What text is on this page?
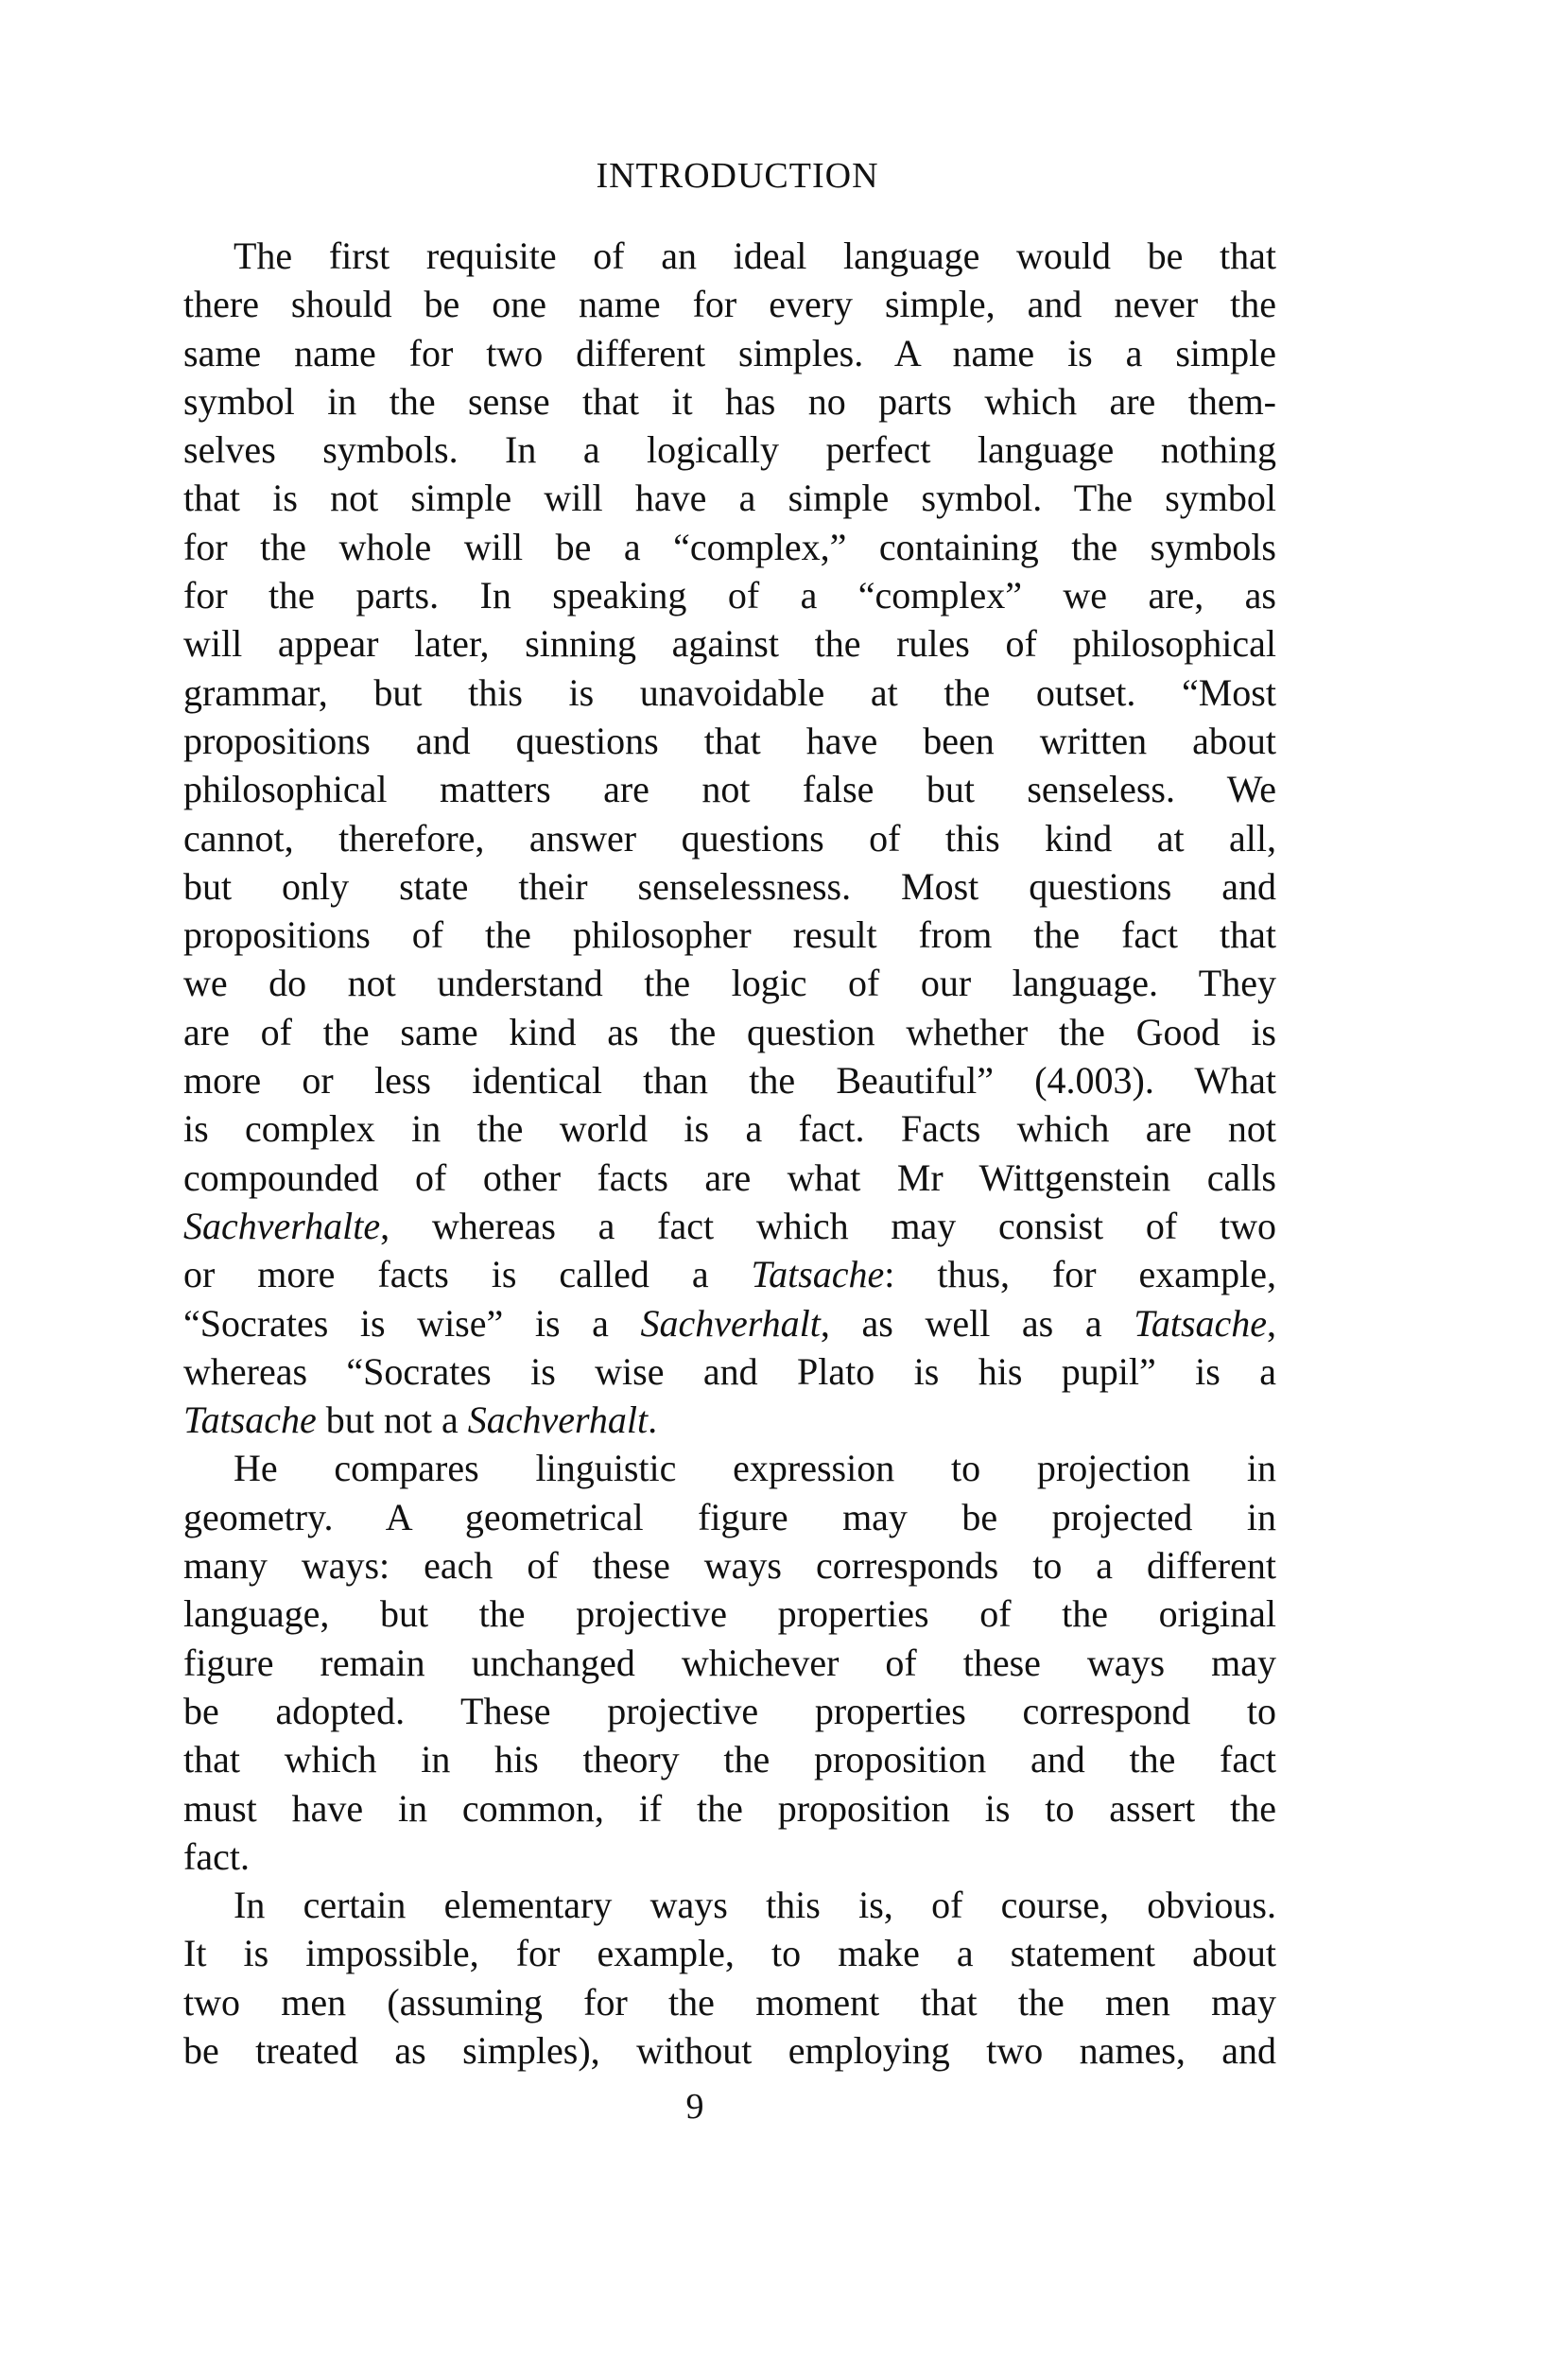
INTRODUCTION
The first requisite of an ideal language would be that
there should be one name for every simple, and never the
same name for two different simples. A name is a simple
symbol in the sense that it has no parts which are them-
selves symbols. In a logically perfect language nothing
that is not simple will have a simple symbol. The symbol
for the whole will be a “complex,” containing the symbols
for the parts. In speaking of a “complex” we are, as
will appear later, sinning against the rules of philosophical
grammar, but this is unavoidable at the outset. “Most
propositions and questions that have been written about
philosophical matters are not false but senseless. We
cannot, therefore, answer questions of this kind at all,
but only state their senselessness. Most questions and
propositions of the philosopher result from the fact that
we do not understand the logic of our language. They
are of the same kind as the question whether the Good is
more or less identical than the Beautiful” (4.003). What
is complex in the world is a fact. Facts which are not
compounded of other facts are what Mr Wittgenstein calls
Sachverhalte, whereas a fact which may consist of two
or more facts is called a Tatsache: thus, for example,
“Socrates is wise” is a Sachverhalt, as well as a Tatsache,
whereas “Socrates is wise and Plato is his pupil” is a
Tatsache but not a Sachverhalt.
He compares linguistic expression to projection in
geometry. A geometrical figure may be projected in
many ways: each of these ways corresponds to a different
language, but the projective properties of the original
figure remain unchanged whichever of these ways may
be adopted. These projective properties correspond to
that which in his theory the proposition and the fact
must have in common, if the proposition is to assert the
fact.
In certain elementary ways this is, of course, obvious.
It is impossible, for example, to make a statement about
two men (assuming for the moment that the men may
be treated as simples), without employing two names, and
9
